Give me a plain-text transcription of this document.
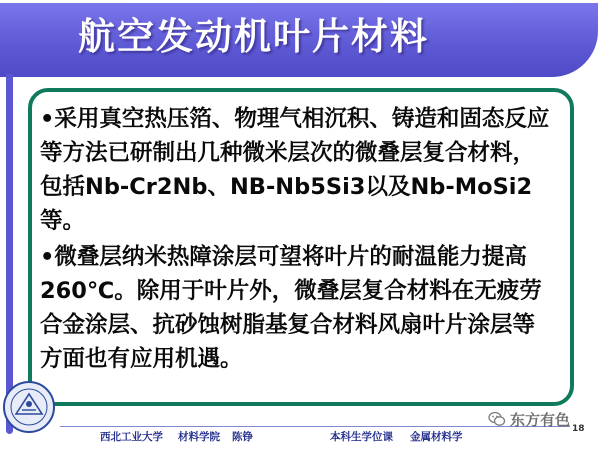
航空发动机叶片材料

•采用真空热压箔、物理气相沉积、铸造和固态反应等方法已研制出几种微米层次的微叠层复合材料，包括Nb-Cr2Nb、NB-Nb5Si3以及Nb-MoSi2等。

•微叠层纳米热障涂层可望将叶片的耐温能力提高260℃。除用于叶片外，微叠层复合材料在无疲劳合金涂层、抗砂蚀树脂基复合材料风扇叶片涂层等方面也有应用机遇。

西北工业大学 材料学院 陈铮	本科生学位课 金属材料学
东方有色
18
